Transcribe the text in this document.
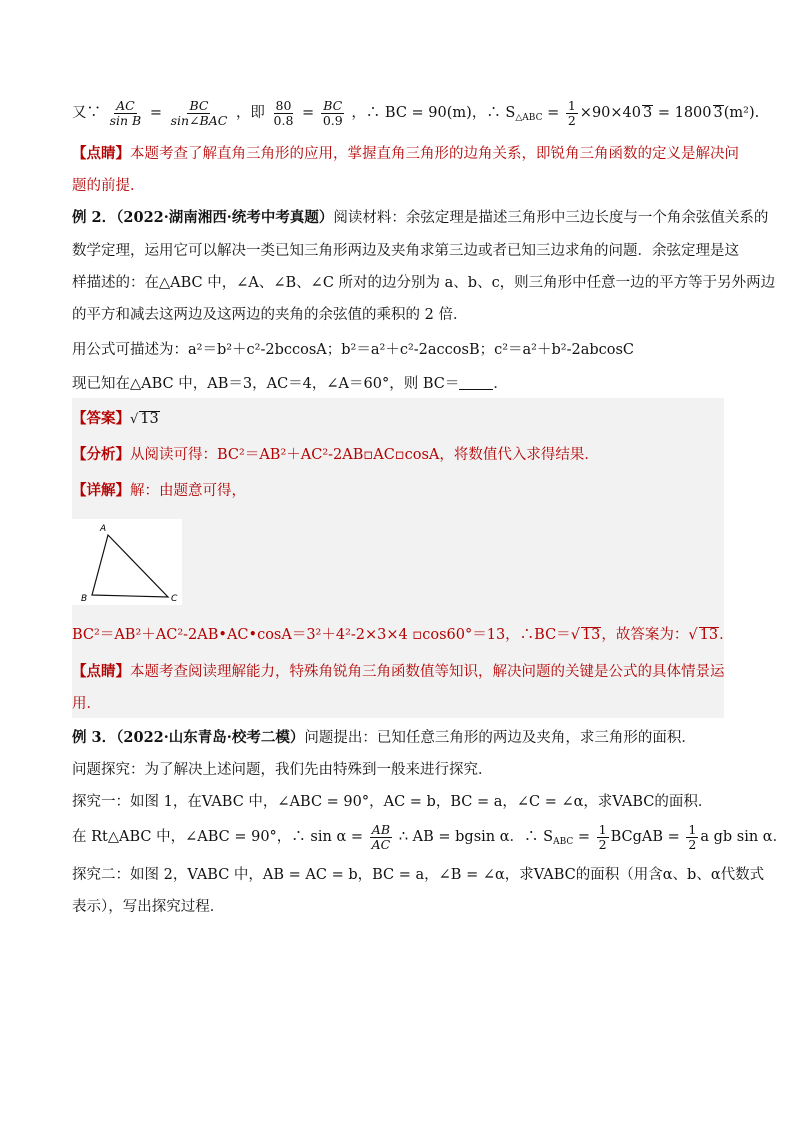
又∵ $\frac{AC}{\text{sin B}} = \frac{BC}{\text{sin∠BAC}}$ ，即 $\frac{80}{0.8} = \frac{BC}{0.9}$ ，∴ BC = 90(m)，∴ $S_{\triangle ABC} = \frac{1}{2} \times 90\times 40$ 3 = 1800 3(m²).
【点睛】本题考查了解直角三角形的应用，掌握直角三角形的边角关系，即锐角三角函数的定义是解决问
题的前提．
例 2．（2022·湖南湘西·统考中考真题）阅读材料：余弦定理是描述三角形中三边长度与一个角余弦值关系的
数学定理，运用它可以解决一类已知三角形两边及夹角求第三边或者已知三边求角的问题．余弦定理是这
样描述的：在△ABC 中，∠A、∠B、∠C 所对的边分别为 a、b、c，则三角形中任意一边的平方等于另外两边
的平方和减去这两边及这两边的夹角的余弦值的乘积的 2 倍．
用公式可描述为：a²＝b²＋c²-2bccosA；b²＝a²＋c²-2accosB；c²＝a²＋b²-2abcosC
现已知在△ABC 中，AB＝3，AC＝4，∠A＝60°，则 BC＝ ．
【答案】√ 13
【分析】从阅读可得：BC²＝AB²＋AC²-2AB▫AC▫cosA，将数值代入求得结果．
【详解】解：由题意可得，
A
B	C
BC²＝AB²＋AC²-2AB•AC•cosA＝3²＋4²-2×3×4 ▫cos60°＝13，∴BC＝√ 13，故答案为：√ 13．
【点睛】本题考查阅读理解能力，特殊角锐角三角函数值等知识，解决问题的关键是公式的具体情景运
用．
例 3．（2022·山东青岛·校考二模）问题提出：已知任意三角形的两边及夹角，求三角形的面积．
问题探究：为了解决上述问题，我们先由特殊到一般来进行探究．
探究一：如图 1，在VABC 中，∠ABC = 90°，AC = b，BC = a，∠C = ∠α，求VABC的面积．
在 Rt△ABC 中，∠ABC = 90°，∴ $\sin \alpha = \frac{AB}{AC}$ ∴ AB = bgsin α．∴ $S_{ABC} = \frac{1}{2}$ BCgAB = $\frac{1}{2}$ a gb sin α．
探究二：如图 2，VABC 中，AB = AC = b，BC = a，∠B = ∠α，求VABC的面积（用含α、b、α代数式
表示），写出探究过程．
